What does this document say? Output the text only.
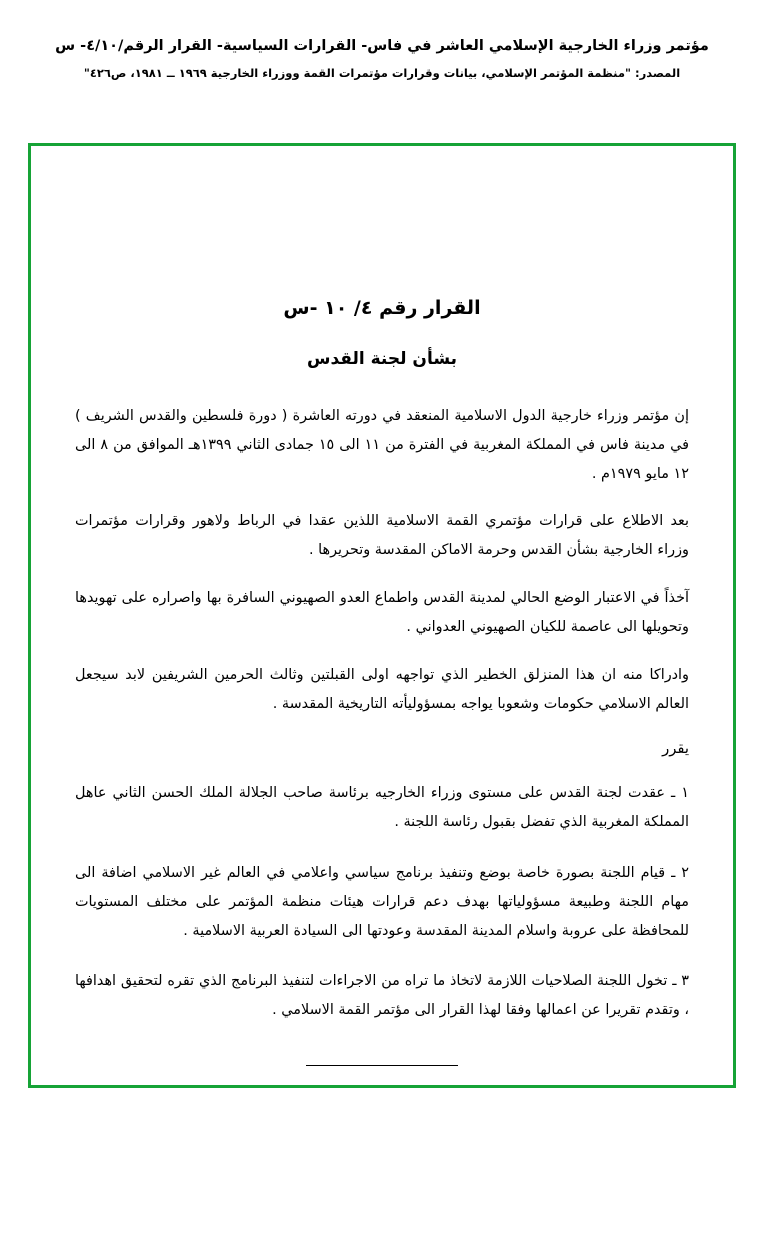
مؤتمر وزراء الخارجية الإسلامي العاشر في فاس- القرارات السياسية- القرار الرقم/٤/١٠- س
المصدر: "منظمة المؤتمر الإسلامي، بيانات وقرارات مؤتمرات القمة ووزراء الخارجية ١٩٦٩ ــ ١٩٨١، ص٤٢٦"
القرار رقم ٤/ ١٠ -س
بشأن لجنة القدس
إن مؤتمر وزراء خارجية الدول الاسلامية المنعقد في دورته العاشرة ( دورة فلسطين والقدس الشريف ) في مدينة فاس في المملكة المغربية في الفترة من ١١ الى ١٥ جمادى الثاني ١٣٩٩هـ الموافق من ٨ الى ١٢ مايو ١٩٧٩م .
بعد الاطلاع على قرارات مؤتمري القمة الاسلامية اللذين عقدا في الرباط ولاهور وقرارات مؤتمرات وزراء الخارجية بشأن القدس وحرمة الاماكن المقدسة وتحريرها .
آخذاً في الاعتبار الوضع الحالي لمدينة القدس واطماع العدو الصهيوني السافرة بها واصراره على تهويدها وتحويلها الى عاصمة للكيان الصهيوني العدواني .
وادراكا منه ان هذا المنزلق الخطير الذي تواجهه اولى القبلتين وثالث الحرمين الشريفين لابد سيجعل العالم الاسلامي حكومات وشعوبا يواجه بمسؤوليأته التاريخية المقدسة .
يقرر
١ ـ عقدت لجنة القدس على مستوى وزراء الخارجيه برئاسة صاحب الجلالة الملك الحسن الثاني عاهل المملكة المغربية الذي تفضل بقبول رئاسة اللجنة .
٢ ـ قيام اللجنة بصورة خاصة بوضع وتنفيذ برنامج سياسي واعلامي في العالم غير الاسلامي اضافة الى مهام اللجنة وطبيعة مسؤولياتها بهدف دعم قرارات هيئات منظمة المؤتمر على مختلف المستويات للمحافظة على عروبة واسلام المدينة المقدسة وعودتها الى السيادة العربية الاسلامية .
٣ ـ تخول اللجنة الصلاحيات اللازمة لاتخاذ ما تراه من الاجراءات لتنفيذ البرنامج الذي تقره لتحقيق اهدافها ، وتقدم تقريرا عن اعمالها وفقا لهذا القرار الى مؤتمر القمة الاسلامي .
